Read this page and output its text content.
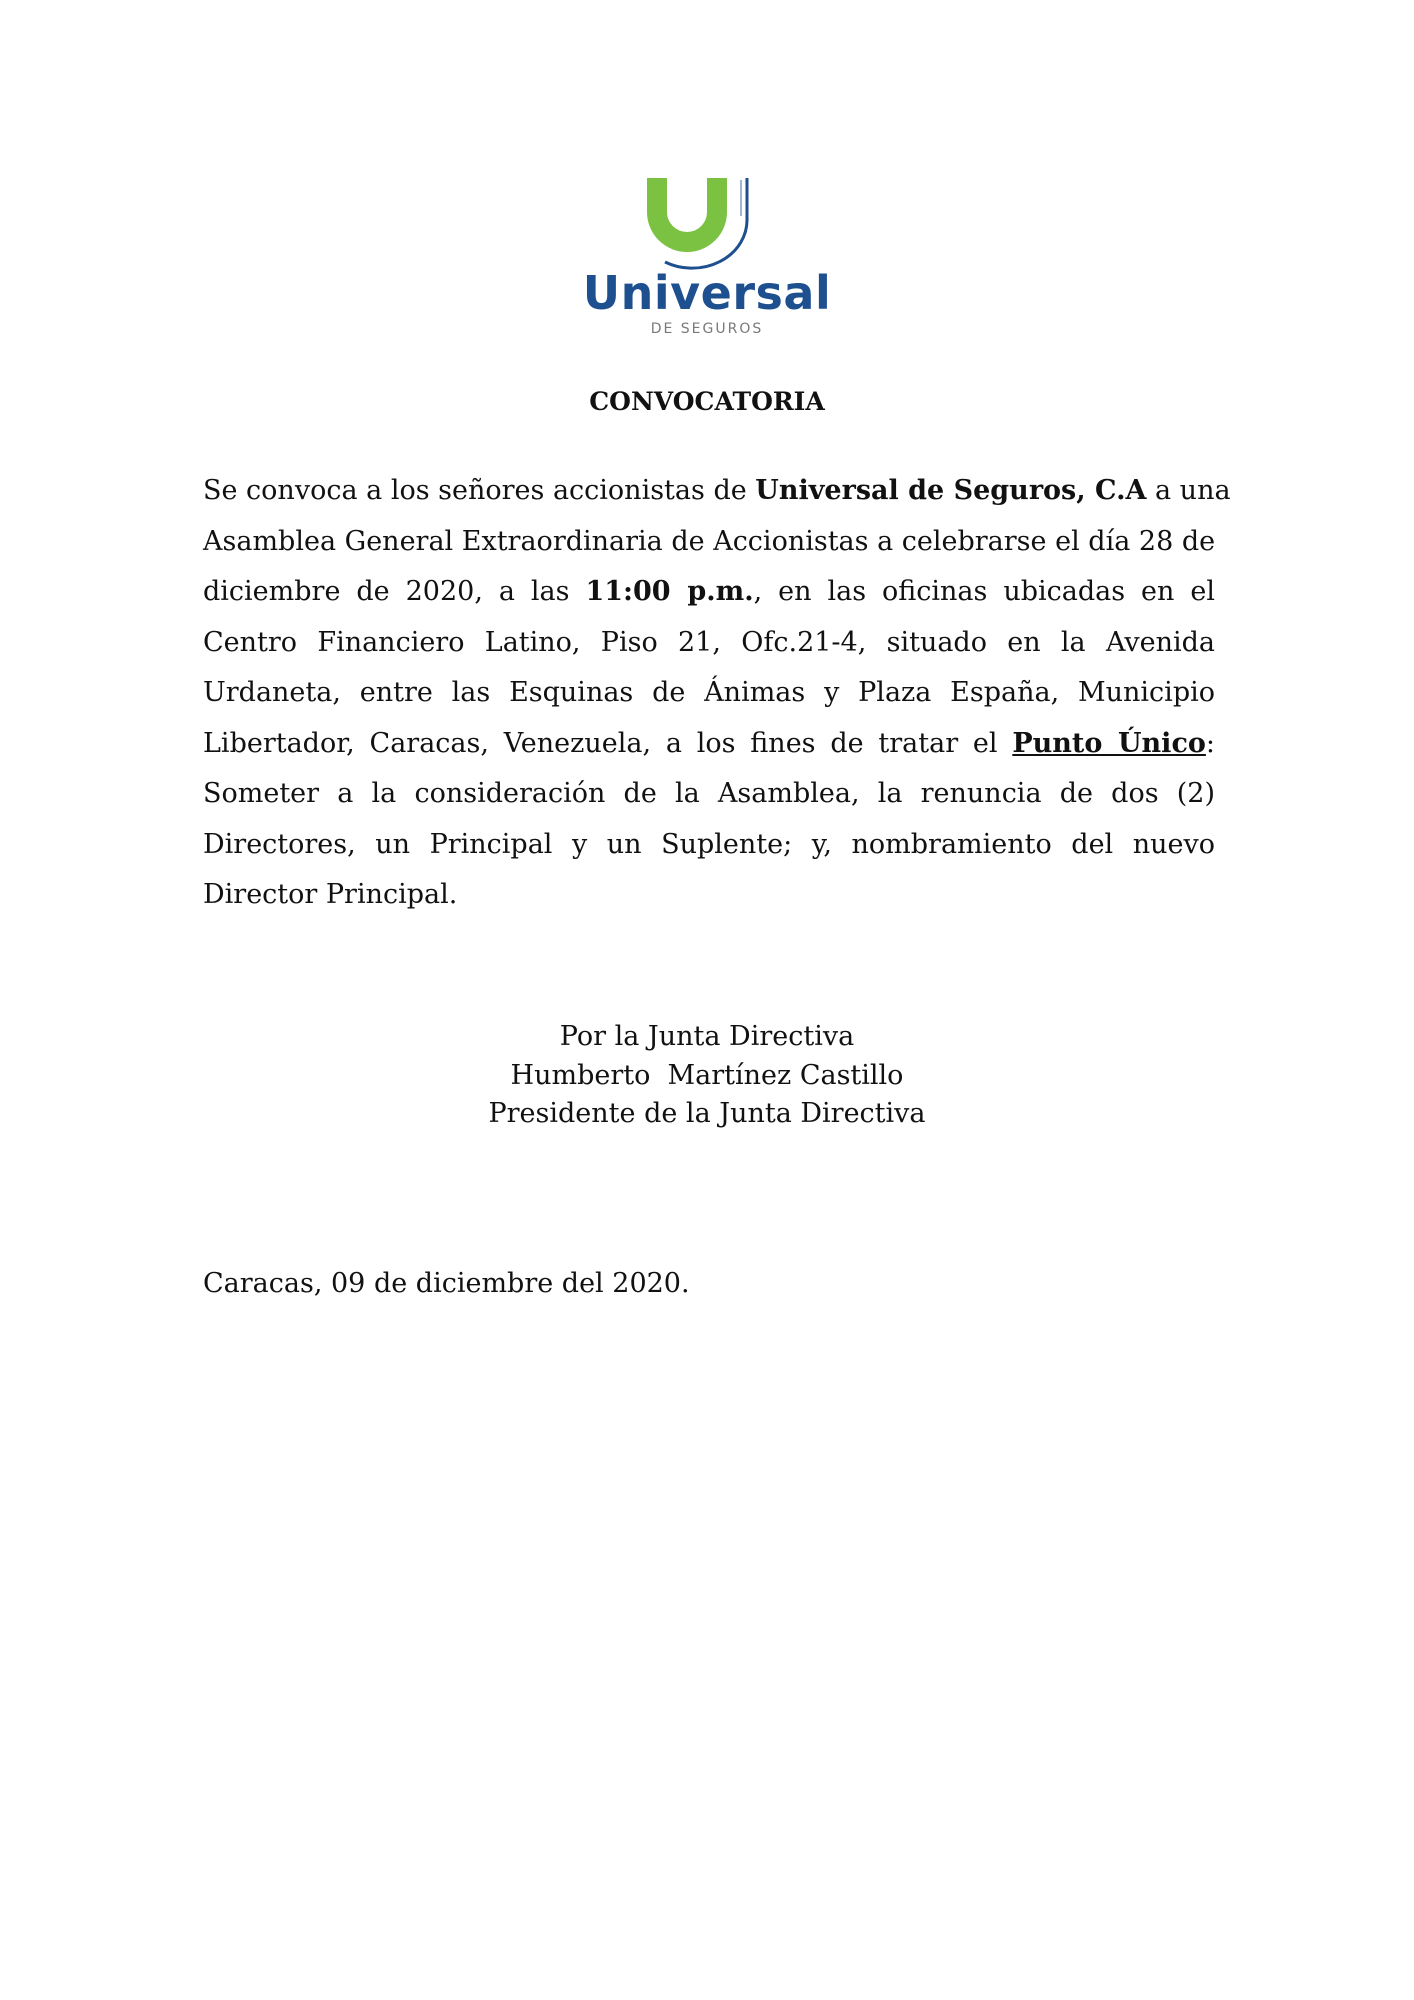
Universal
DE SEGUROS
CONVOCATORIA
Se convoca a los señores accionistas de Universal de Seguros, C.A a una
Asamblea General Extraordinaria de Accionistas a celebrarse el día 28 de
diciembre de 2020, a las 11:00 p.m., en las oficinas ubicadas en el
Centro Financiero Latino, Piso 21, Ofc.21-4, situado en la Avenida
Urdaneta, entre las Esquinas de Ánimas y Plaza España, Municipio
Libertador, Caracas, Venezuela, a los fines de tratar el Punto Único:
Someter a la consideración de la Asamblea, la renuncia de dos (2)
Directores, un Principal y un Suplente; y, nombramiento del nuevo
Director Principal.
Por la Junta Directiva
Humberto  Martínez Castillo
Presidente de la Junta Directiva
Caracas, 09 de diciembre del 2020.
